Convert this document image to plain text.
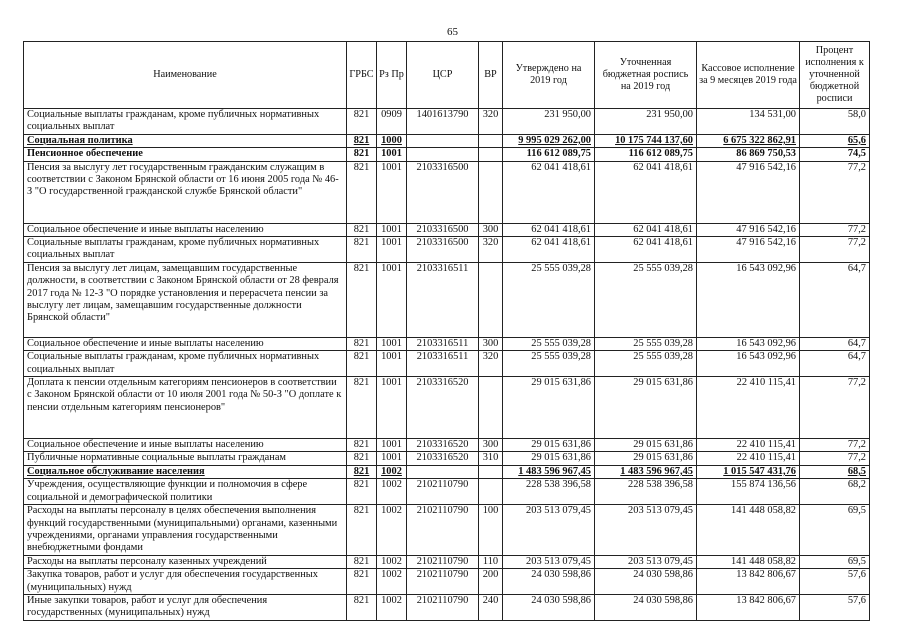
65
Наименование	ГРБС	Рз Пр	ЦСР	ВР	Утверждено на 2019 год	Уточненная бюджетная роспись на 2019 год	Кассовое исполнение за 9 месяцев 2019 года	Процент исполнения к уточненной бюджетной росписи
Социальные выплаты гражданам, кроме публичных нормативных социальных выплат	821	0909	1401613790	320	231 950,00	231 950,00	134 531,00	58,0
Социальная политика	821	1000			9 995 029 262,00	10 175 744 137,60	6 675 322 862,91	65,6
Пенсионное обеспечение	821	1001			116 612 089,75	116 612 089,75	86 869 750,53	74,5
Пенсия за выслугу лет государственным гражданским служащим в соответствии с Законом Брянской области от 16 июня 2005 года № 46-З "О государственной гражданской службе Брянской области"	821	1001	2103316500		62 041 418,61	62 041 418,61	47 916 542,16	77,2
Социальное обеспечение и иные выплаты населению	821	1001	2103316500	300	62 041 418,61	62 041 418,61	47 916 542,16	77,2
Социальные выплаты гражданам, кроме публичных нормативных социальных выплат	821	1001	2103316500	320	62 041 418,61	62 041 418,61	47 916 542,16	77,2
Пенсия за выслугу лет лицам, замещавшим государственные должности, в соответствии с Законом Брянской области от 28 февраля 2017 года № 12-З "О порядке установления и перерасчета пенсии за выслугу лет лицам, замещавшим государственные должности Брянской области"	821	1001	2103316511		25 555 039,28	25 555 039,28	16 543 092,96	64,7
Социальное обеспечение и иные выплаты населению	821	1001	2103316511	300	25 555 039,28	25 555 039,28	16 543 092,96	64,7
Социальные выплаты гражданам, кроме публичных нормативных социальных выплат	821	1001	2103316511	320	25 555 039,28	25 555 039,28	16 543 092,96	64,7
Доплата к пенсии отдельным категориям пенсионеров в соответствии с Законом Брянской области от 10 июля 2001 года № 50-З "О доплате к пенсии отдельным категориям пенсионеров"	821	1001	2103316520		29 015 631,86	29 015 631,86	22 410 115,41	77,2
Социальное обеспечение и иные выплаты населению	821	1001	2103316520	300	29 015 631,86	29 015 631,86	22 410 115,41	77,2
Публичные нормативные социальные выплаты гражданам	821	1001	2103316520	310	29 015 631,86	29 015 631,86	22 410 115,41	77,2
Социальное обслуживание населения	821	1002			1 483 596 967,45	1 483 596 967,45	1 015 547 431,76	68,5
Учреждения, осуществляющие функции и полномочия в сфере социальной и демографической политики	821	1002	2102110790		228 538 396,58	228 538 396,58	155 874 136,56	68,2
Расходы на выплаты персоналу в целях обеспечения выполнения функций государственными (муниципальными) органами, казенными учреждениями, органами управления государственными внебюджетными фондами	821	1002	2102110790	100	203 513 079,45	203 513 079,45	141 448 058,82	69,5
Расходы на выплаты персоналу казенных учреждений	821	1002	2102110790	110	203 513 079,45	203 513 079,45	141 448 058,82	69,5
Закупка товаров, работ и услуг для обеспечения государственных (муниципальных) нужд	821	1002	2102110790	200	24 030 598,86	24 030 598,86	13 842 806,67	57,6
Иные закупки товаров, работ и услуг для обеспечения государственных (муниципальных) нужд	821	1002	2102110790	240	24 030 598,86	24 030 598,86	13 842 806,67	57,6
